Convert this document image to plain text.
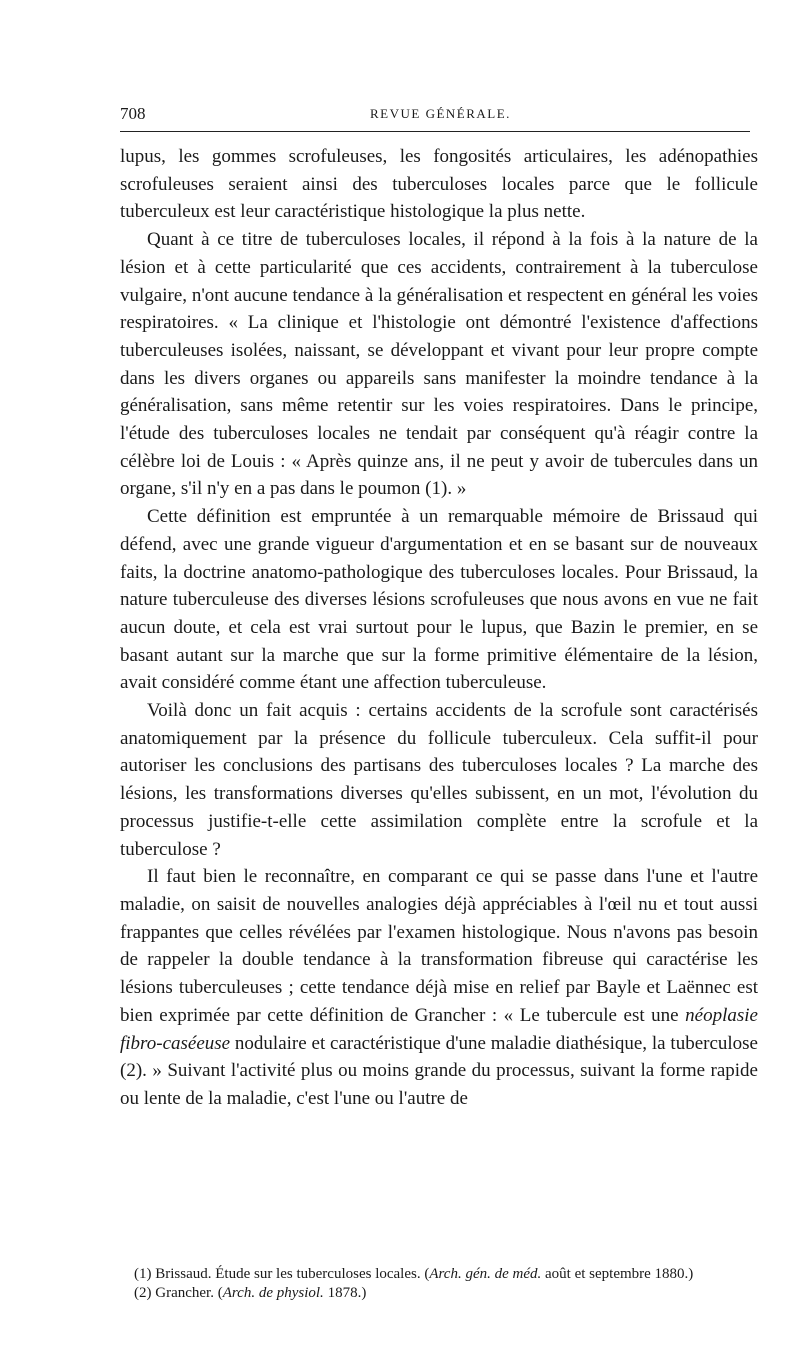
708	REVUE GÉNÉRALE.

lupus, les gommes scrofuleuses, les fongosités articulaires, les adénopathies scrofuleuses seraient ainsi des tuberculoses locales parce que le follicule tuberculeux est leur caractéristique histologique la plus nette.

Quant à ce titre de tuberculoses locales, il répond à la fois à la nature de la lésion et à cette particularité que ces accidents, contrairement à la tuberculose vulgaire, n'ont aucune tendance à la généralisation et respectent en général les voies respiratoires. « La clinique et l'histologie ont démontré l'existence d'affections tuberculeuses isolées, naissant, se développant et vivant pour leur propre compte dans les divers organes ou appareils sans manifester la moindre tendance à la généralisation, sans même retentir sur les voies respiratoires. Dans le principe, l'étude des tuberculoses locales ne tendait par conséquent qu'à réagir contre la célèbre loi de Louis : « Après quinze ans, il ne peut y avoir de tubercules dans un organe, s'il n'y en a pas dans le poumon (1). »

Cette définition est empruntée à un remarquable mémoire de Brissaud qui défend, avec une grande vigueur d'argumentation et en se basant sur de nouveaux faits, la doctrine anatomo-pathologique des tuberculoses locales. Pour Brissaud, la nature tuberculeuse des diverses lésions scrofuleuses que nous avons en vue ne fait aucun doute, et cela est vrai surtout pour le lupus, que Bazin le premier, en se basant autant sur la marche que sur la forme primitive élémentaire de la lésion, avait considéré comme étant une affection tuberculeuse.

Voilà donc un fait acquis : certains accidents de la scrofule sont caractérisés anatomiquement par la présence du follicule tuberculeux. Cela suffit-il pour autoriser les conclusions des partisans des tuberculoses locales ? La marche des lésions, les transformations diverses qu'elles subissent, en un mot, l'évolution du processus justifie-t-elle cette assimilation complète entre la scrofule et la tuberculose ?

Il faut bien le reconnaître, en comparant ce qui se passe dans l'une et l'autre maladie, on saisit de nouvelles analogies déjà appréciables à l'œil nu et tout aussi frappantes que celles révélées par l'examen histologique. Nous n'avons pas besoin de rappeler la double tendance à la transformation fibreuse qui caractérise les lésions tuberculeuses ; cette tendance déjà mise en relief par Bayle et Laënnec est bien exprimée par cette définition de Grancher : « Le tubercule est une néoplasie fibro-caséeuse nodulaire et caractéristique d'une maladie diathésique, la tuberculose (2). » Suivant l'activité plus ou moins grande du processus, suivant la forme rapide ou lente de la maladie, c'est l'une ou l'autre de

(1) Brissaud. Étude sur les tuberculoses locales. (Arch. gén. de méd. août et septembre 1880.)

(2) Grancher. (Arch. de physiol. 1878.)
